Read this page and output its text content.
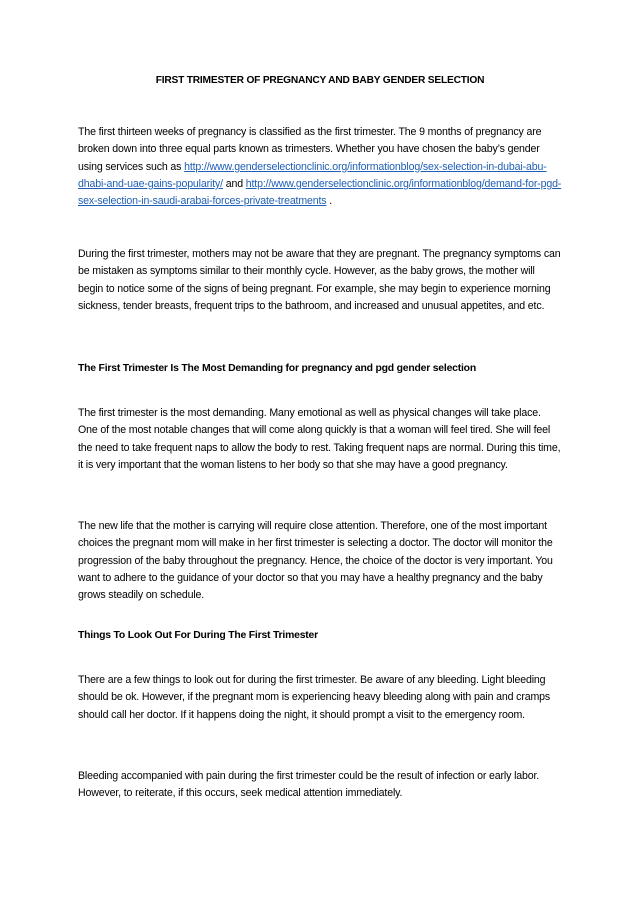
FIRST TRIMESTER OF PREGNANCY AND BABY GENDER SELECTION
The first thirteen weeks of pregnancy is classified as the first trimester. The 9 months of pregnancy are broken down into three equal parts known as trimesters. Whether you have chosen the baby’s gender using services such as http://www.genderselectionclinic.org/informationblog/sex-selection-in-dubai-abu-dhabi-and-uae-gains-popularity/ and http://www.genderselectionclinic.org/informationblog/demand-for-pgd-sex-selection-in-saudi-arabai-forces-private-treatments .
During the first trimester, mothers may not be aware that they are pregnant. The pregnancy symptoms can be mistaken as symptoms similar to their monthly cycle. However, as the baby grows, the mother will begin to notice some of the signs of being pregnant. For example, she may begin to experience morning sickness, tender breasts, frequent trips to the bathroom, and increased and unusual appetites, and etc.
The First Trimester Is The Most Demanding for pregnancy and pgd gender selection
The first trimester is the most demanding. Many emotional as well as physical changes will take place. One of the most notable changes that will come along quickly is that a woman will feel tired. She will feel the need to take frequent naps to allow the body to rest. Taking frequent naps are normal. During this time, it is very important that the woman listens to her body so that she may have a good pregnancy.
The new life that the mother is carrying will require close attention. Therefore, one of the most important choices the pregnant mom will make in her first trimester is selecting a doctor. The doctor will monitor the progression of the baby throughout the pregnancy. Hence, the choice of the doctor is very important. You want to adhere to the guidance of your doctor so that you may have a healthy pregnancy and the baby grows steadily on schedule.
Things To Look Out For During The First Trimester
There are a few things to look out for during the first trimester. Be aware of any bleeding. Light bleeding should be ok. However, if the pregnant mom is experiencing heavy bleeding along with pain and cramps should call her doctor. If it happens doing the night, it should prompt a visit to the emergency room.
Bleeding accompanied with pain during the first trimester could be the result of infection or early labor. However, to reiterate, if this occurs, seek medical attention immediately.
